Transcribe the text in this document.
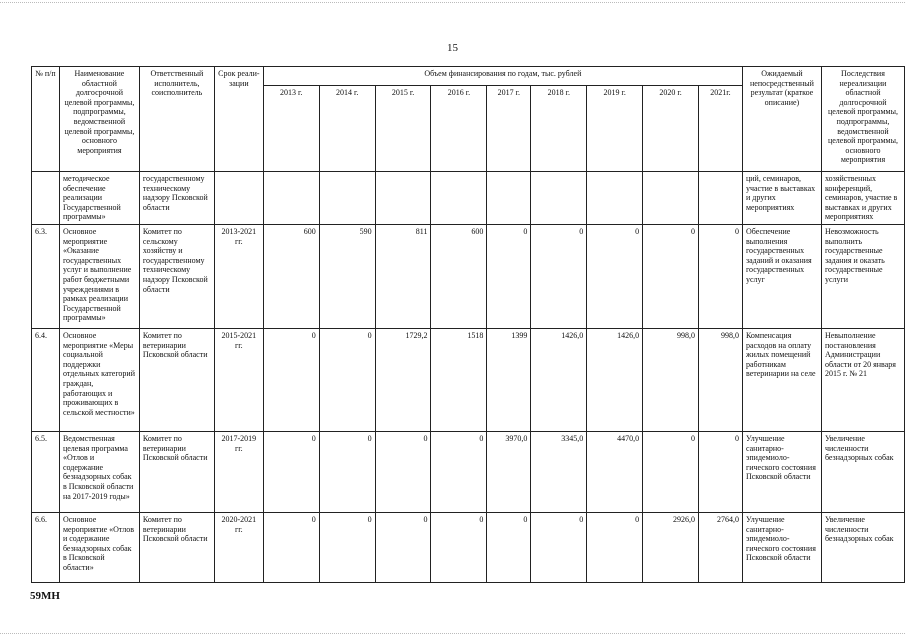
15
№ п/п	Наименование областной долгосрочной целевой программы, подпрограммы, ведомственной целевой программы, основного мероприятия	Ответственный исполнитель, соисполнитель	Срок реали-зации	Объем финансирования по годам, тыс. рублей									Ожидаемый непосредственный результат (краткое описание)	Последствия нереализации областной долгосрочной целевой программы, подпрограммы, ведомственной целевой программы, основного мероприятия
				2013 г.	2014 г.	2015 г.	2016 г.	2017 г.	2018 г.	2019 г.	2020 г.	2021г.		
	методическое обеспечение реализации Государственной программы»	государственному техническому надзору Псковской области											ций, семинаров, участие в выставках и других мероприятиях	хозяйственных конференций, семинаров, участие в выставках и других мероприятиях
6.3.	Основное мероприятие «Оказание государственных услуг и выполнение работ бюджетными учреждениями в рамках реализации Государственной программы»	Комитет по сельскому хозяйству и государственному техническому надзору Псковской области	2013-2021 гг.	600	590	811	600	0	0	0	0	0	Обеспечение выполнения государственных заданий и оказания государственных услуг	Невозможность выполнить государственные задания и оказать государственные услуги
6.4.	Основное мероприятие «Меры социальной поддержки отдельных категорий граждан, работающих и проживающих в сельской местности»	Комитет по ветеринарии Псковской области	2015-2021 гг.	0	0	1729,2	1518	1399	1426,0	1426,0	998,0	998,0	Компенсация расходов на оплату жилых помещений работникам ветеринарии на селе	Невыполнение постановления Администрации области от 20 января 2015 г. № 21
6.5.	Ведомственная целевая программа «Отлов и содержание безнадзорных собак в Псковской области на 2017-2019 годы»	Комитет по ветеринарии Псковской области	2017-2019 гг.	0	0	0	0	3970,0	3345,0	4470,0	0	0	Улучшение санитарно-эпидемиоло-гического состояния Псковской области	Увеличение численности безнадзорных собак
6.6.	Основное мероприятие «Отлов и содержание безнадзорных собак в Псковской области»	Комитет по ветеринарии Псковской области	2020-2021 гг.	0	0	0	0	0	0	0	2926,0	2764,0	Улучшение санитарно-эпидемиоло-гического состояния Псковской области	Увеличение численности безнадзорных собак
59МН
